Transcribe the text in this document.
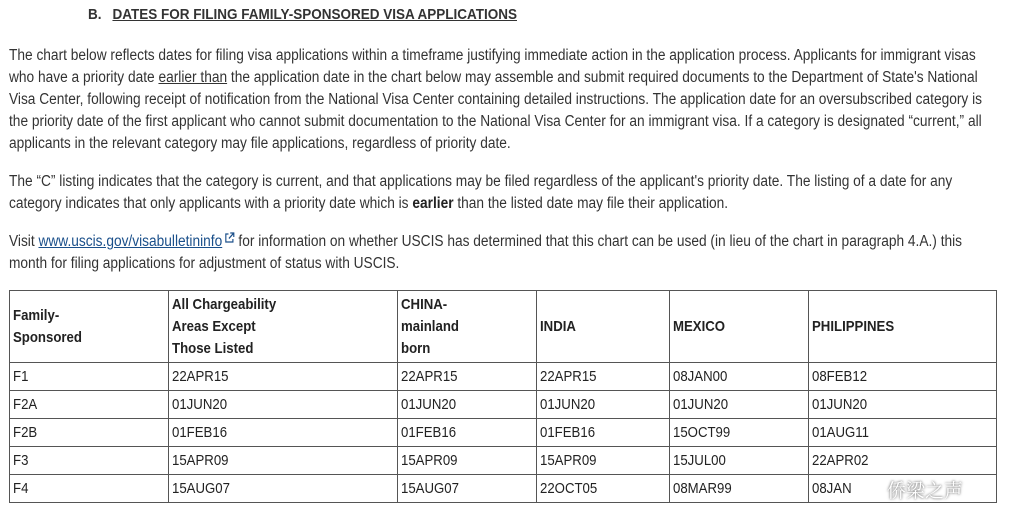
B. DATES FOR FILING FAMILY-SPONSORED VISA APPLICATIONS
The chart below reflects dates for filing visa applications within a timeframe justifying immediate action in the application process. Applicants for immigrant visas who have a priority date earlier than the application date in the chart below may assemble and submit required documents to the Department of State's National Visa Center, following receipt of notification from the National Visa Center containing detailed instructions. The application date for an oversubscribed category is the priority date of the first applicant who cannot submit documentation to the National Visa Center for an immigrant visa. If a category is designated “current,” all applicants in the relevant category may file applications, regardless of priority date.
The “C” listing indicates that the category is current, and that applications may be filed regardless of the applicant's priority date. The listing of a date for any category indicates that only applicants with a priority date which is earlier than the listed date may file their application.
Visit www.uscis.gov/visabulletininfo for information on whether USCIS has determined that this chart can be used (in lieu of the chart in paragraph 4.A.) this month for filing applications for adjustment of status with USCIS.
Family-Sponsored	All Chargeability Areas Except Those Listed	CHINA-mainland born	INDIA	MEXICO	PHILIPPINES
F1	22APR15	22APR15	22APR15	08JAN00	08FEB12
F2A	01JUN20	01JUN20	01JUN20	01JUN20	01JUN20
F2B	01FEB16	01FEB16	01FEB16	15OCT99	01AUG11
F3	15APR09	15APR09	15APR09	15JUL00	22APR02
F4	15AUG07	15AUG07	22OCT05	08MAR99	08JAN 侨梁之声
